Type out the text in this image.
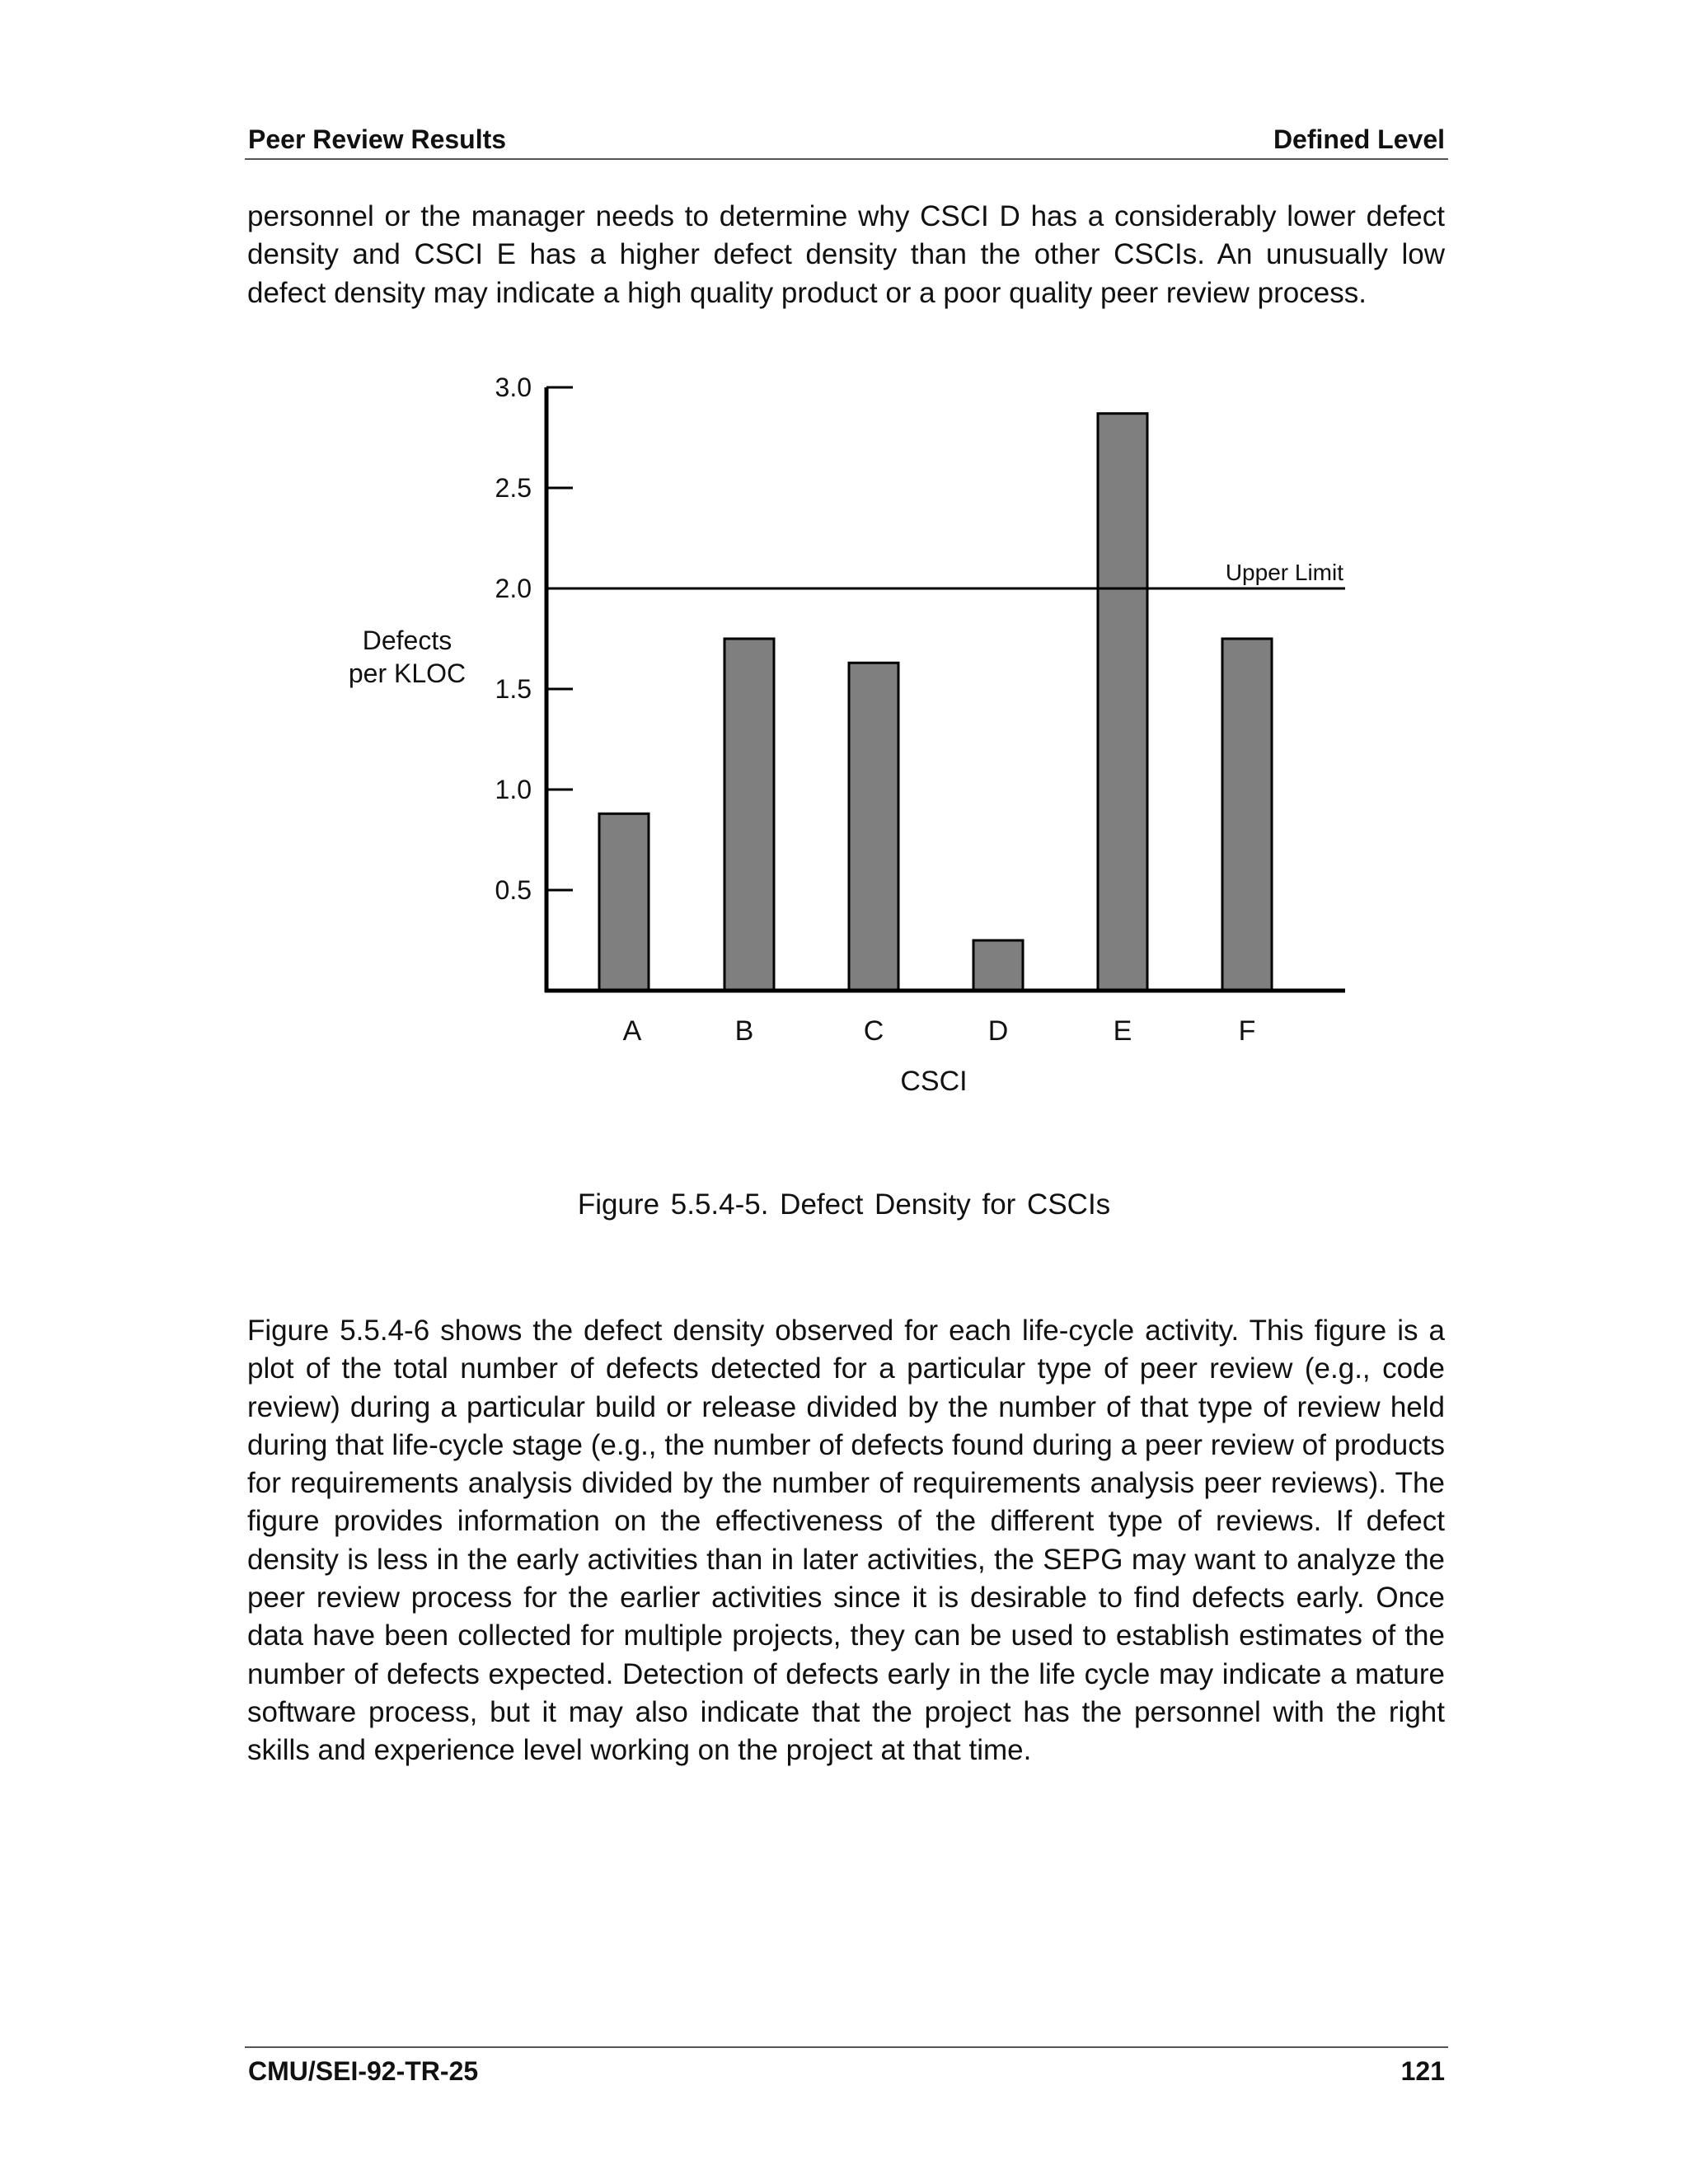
Peer Review Results	Defined Level

personnel or the manager needs to determine why CSCI D has a considerably lower defect density and CSCI E has a higher defect density than the other CSCIs. An unusually low defect density may indicate a high quality product or a poor quality peer review process.

A	B	C	D	E	F
Upper Limit
0.5
1.0
1.5
2.0
2.5
3.0
Defects
per KLOC
CSCI
Figure 5.5.4-5. Defect Density for CSCIs

Figure 5.5.4-6 shows the defect density observed for each life-cycle activity. This figure is a plot of the total number of defects detected for a particular type of peer review (e.g., code review) during a particular build or release divided by the number of that type of review held during that life-cycle stage (e.g., the number of defects found during a peer review of products for requirements analysis divided by the number of requirements analysis peer reviews). The figure provides information on the effectiveness of the different type of reviews. If defect density is less in the early activities than in later activities, the SEPG may want to analyze the peer review process for the earlier activities since it is desirable to find defects early. Once data have been collected for multiple projects, they can be used to establish estimates of the number of defects expected. Detection of defects early in the life cycle may indicate a mature software process, but it may also indicate that the project has the personnel with the right skills and experience level working on the project at that time.

CMU/SEI-92-TR-25	121
